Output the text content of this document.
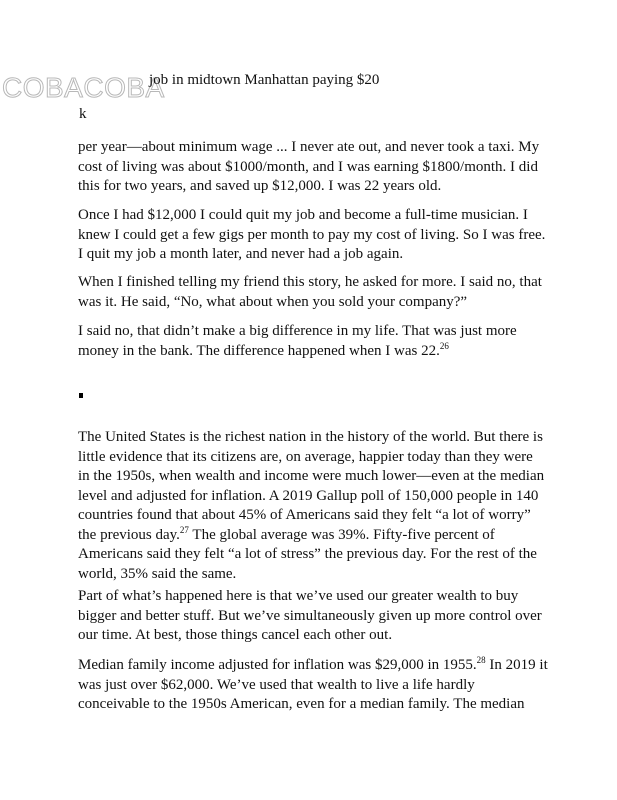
COBACOBA
job in midtown Manhattan paying $20
k

per year—about minimum wage ... I never ate out, and never took a taxi. My cost of living was about $1000/month, and I was earning $1800/month. I did this for two years, and saved up $12,000. I was 22 years old.

Once I had $12,000 I could quit my job and become a full-time musician. I knew I could get a few gigs per month to pay my cost of living. So I was free. I quit my job a month later, and never had a job again.

When I finished telling my friend this story, he asked for more. I said no, that was it. He said, “No, what about when you sold your company?”

I said no, that didn’t make a big difference in my life. That was just more money in the bank. The difference happened when I was 22.26

The United States is the richest nation in the history of the world. But there is little evidence that its citizens are, on average, happier today than they were in the 1950s, when wealth and income were much lower—even at the median level and adjusted for inflation. A 2019 Gallup poll of 150,000 people in 140 countries found that about 45% of Americans said they felt “a lot of worry” the previous day.$^{27}$ The global average was 39%. Fifty-five percent of Americans said they felt “a lot of stress” the previous day. For the rest of the world, 35% said the same.

Part of what’s happened here is that we’ve used our greater wealth to buy bigger and better stuff. But we’ve simultaneously given up more control over our time. At best, those things cancel each other out.

Median family income adjusted for inflation was $29,000 in 1955.28 In 2019 it was just over $62,000. We’ve used that wealth to live a life hardly conceivable to the 1950s American, even for a median family. The median
